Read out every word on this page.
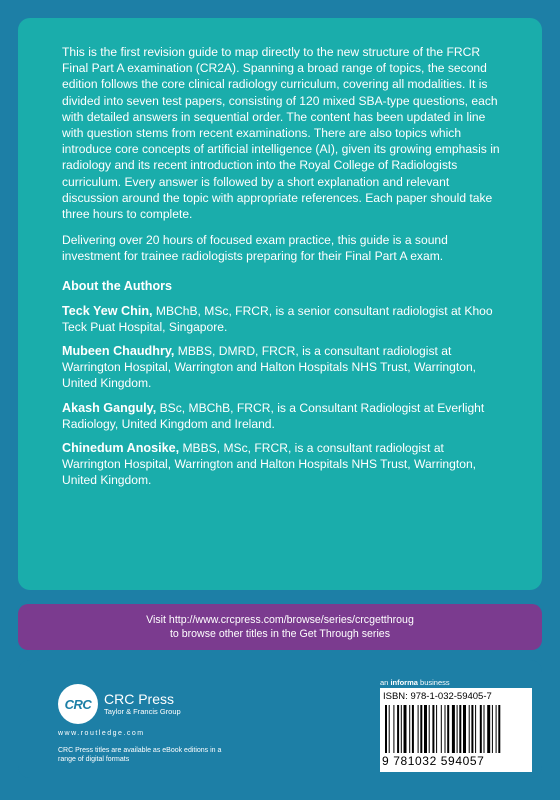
This is the first revision guide to map directly to the new structure of the FRCR Final Part A examination (CR2A). Spanning a broad range of topics, the second edition follows the core clinical radiology curriculum, covering all modalities. It is divided into seven test papers, consisting of 120 mixed SBA-type questions, each with detailed answers in sequential order. The content has been updated in line with question stems from recent examinations. There are also topics which introduce core concepts of artificial intelligence (AI), given its growing emphasis in radiology and its recent introduction into the Royal College of Radiologists curriculum. Every answer is followed by a short explanation and relevant discussion around the topic with appropriate references. Each paper should take three hours to complete.

Delivering over 20 hours of focused exam practice, this guide is a sound investment for trainee radiologists preparing for their Final Part A exam.

About the Authors

Teck Yew Chin, MBChB, MSc, FRCR, is a senior consultant radiologist at Khoo Teck Puat Hospital, Singapore.

Mubeen Chaudhry, MBBS, DMRD, FRCR, is a consultant radiologist at Warrington Hospital, Warrington and Halton Hospitals NHS Trust, Warrington, United Kingdom.

Akash Ganguly, BSc, MBChB, FRCR, is a Consultant Radiologist at Everlight Radiology, United Kingdom and Ireland.

Chinedum Anosike, MBBS, MSc, FRCR, is a consultant radiologist at Warrington Hospital, Warrington and Halton Hospitals NHS Trust, Warrington, United Kingdom.

Visit http://www.crcpress.com/browse/series/crcgetthroug
to browse other titles in the Get Through series
CRC CRC Press
Taylor & Francis Group
www.routledge.com
CRC Press titles are available as eBook editions in a range of digital formats
an informa business
ISBN: 978-1-032-59405-7
9 781032 594057
